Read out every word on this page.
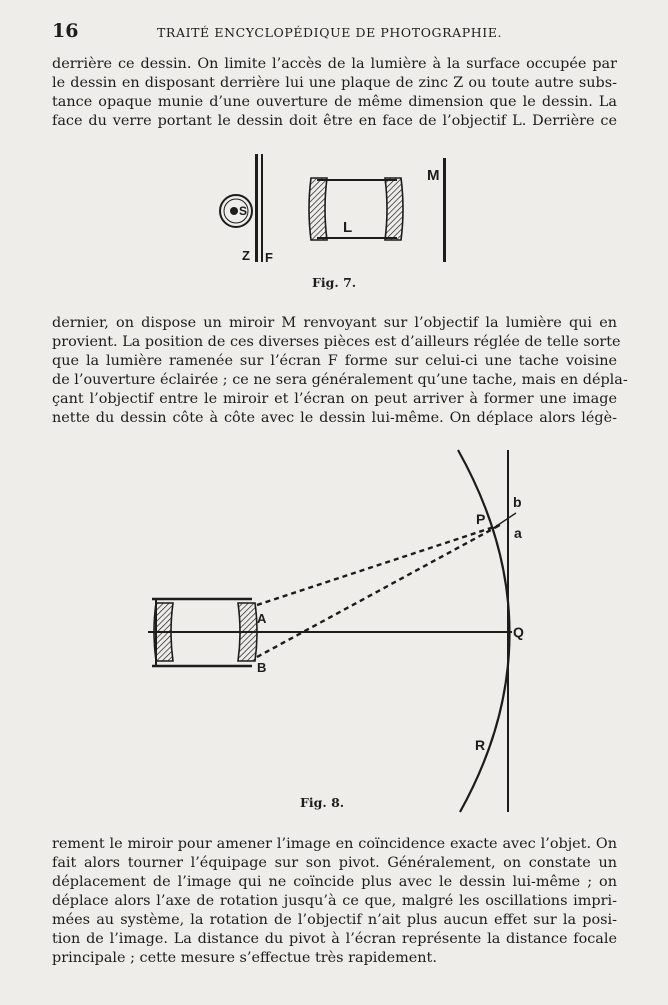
16	TRAITÉ ENCYCLOPÉDIQUE DE PHOTOGRAPHIE.

derrière ce dessin. On limite l’accès de la lumière à la surface occupée par
le dessin en disposant derrière lui une plaque de zinc Z ou toute autre subs-
tance opaque munie d’une ouverture de même dimension que le dessin. La
face du verre portant le dessin doit être en face de l’objectif L. Derrière ce

S
Z F
L
M
Fig. 7.

dernier, on dispose un miroir M renvoyant sur l’objectif la lumière qui en
provient. La position de ces diverses pièces est d’ailleurs réglée de telle sorte
que la lumière ramenée sur l’écran F forme sur celui-ci une tache voisine
de l’ouverture éclairée ; ce ne sera généralement qu’une tache, mais en dépla-
çant l’objectif entre le miroir et l’écran on peut arriver à former une image
nette du dessin côte à côte avec le dessin lui-même. On déplace alors légè-

A
B
P
b
a
Q
R
Fig. 8.

rement le miroir pour amener l’image en coïncidence exacte avec l’objet. On
fait alors tourner l’équipage sur son pivot. Généralement, on constate un
déplacement de l’image qui ne coïncide plus avec le dessin lui-même ; on
déplace alors l’axe de rotation jusqu’à ce que, malgré les oscillations impri-
mées au système, la rotation de l’objectif n’ait plus aucun effet sur la posi-
tion de l’image. La distance du pivot à l’écran représente la distance focale
principale ; cette mesure s’effectue très rapidement.
